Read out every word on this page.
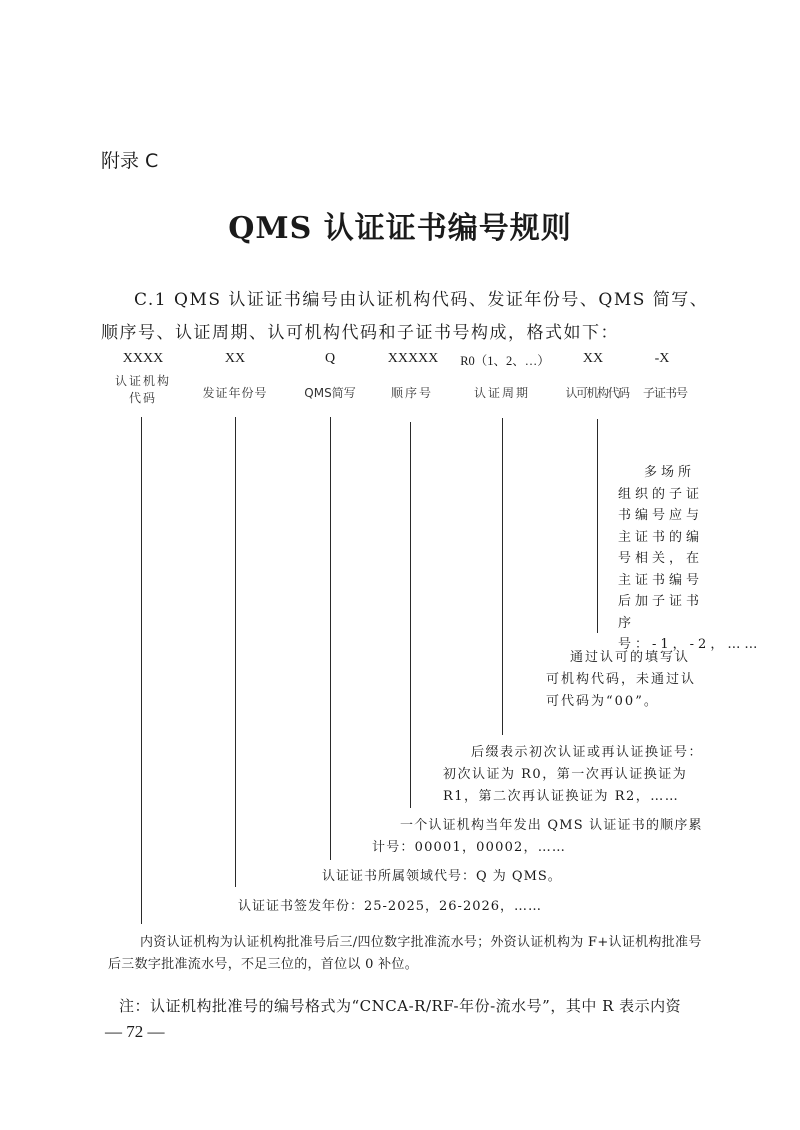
附录 C
QMS 认证证书编号规则
C.1 QMS 认证证书编号由认证机构代码、发证年份号、QMS 简写、顺序号、认证周期、认可机构代码和子证书号构成，格式如下：
XXXX	XX	Q	XXXXX	R0（1、2、…）	XX	-X
认证机构代码	发证年份号	QMS简写	顺序号	认证周期	认可机构代码	子证书号
多场所组织的子证书编号应与主证书的编号相关，在主证书编号后加子证书序号：-1，-2，……
通过认可的填写认可机构代码，未通过认可代码为“00”。
后缀表示初次认证或再认证换证号：初次认证为 R0，第一次再认证换证为 R1，第二次再认证换证为 R2，……
一个认证机构当年发出 QMS 认证证书的顺序累计号：00001，00002，……
认证证书所属领域代号：Q 为 QMS。
认证证书签发年份：25-2025，26-2026，……
内资认证机构为认证机构批准号后三/四位数字批准流水号；外资认证机构为 F+认证机构批准号后三数字批准流水号，不足三位的，首位以 0 补位。
注：认证机构批准号的编号格式为“CNCA-R/RF-年份-流水号”，其中 R 表示内资
— 72 —
